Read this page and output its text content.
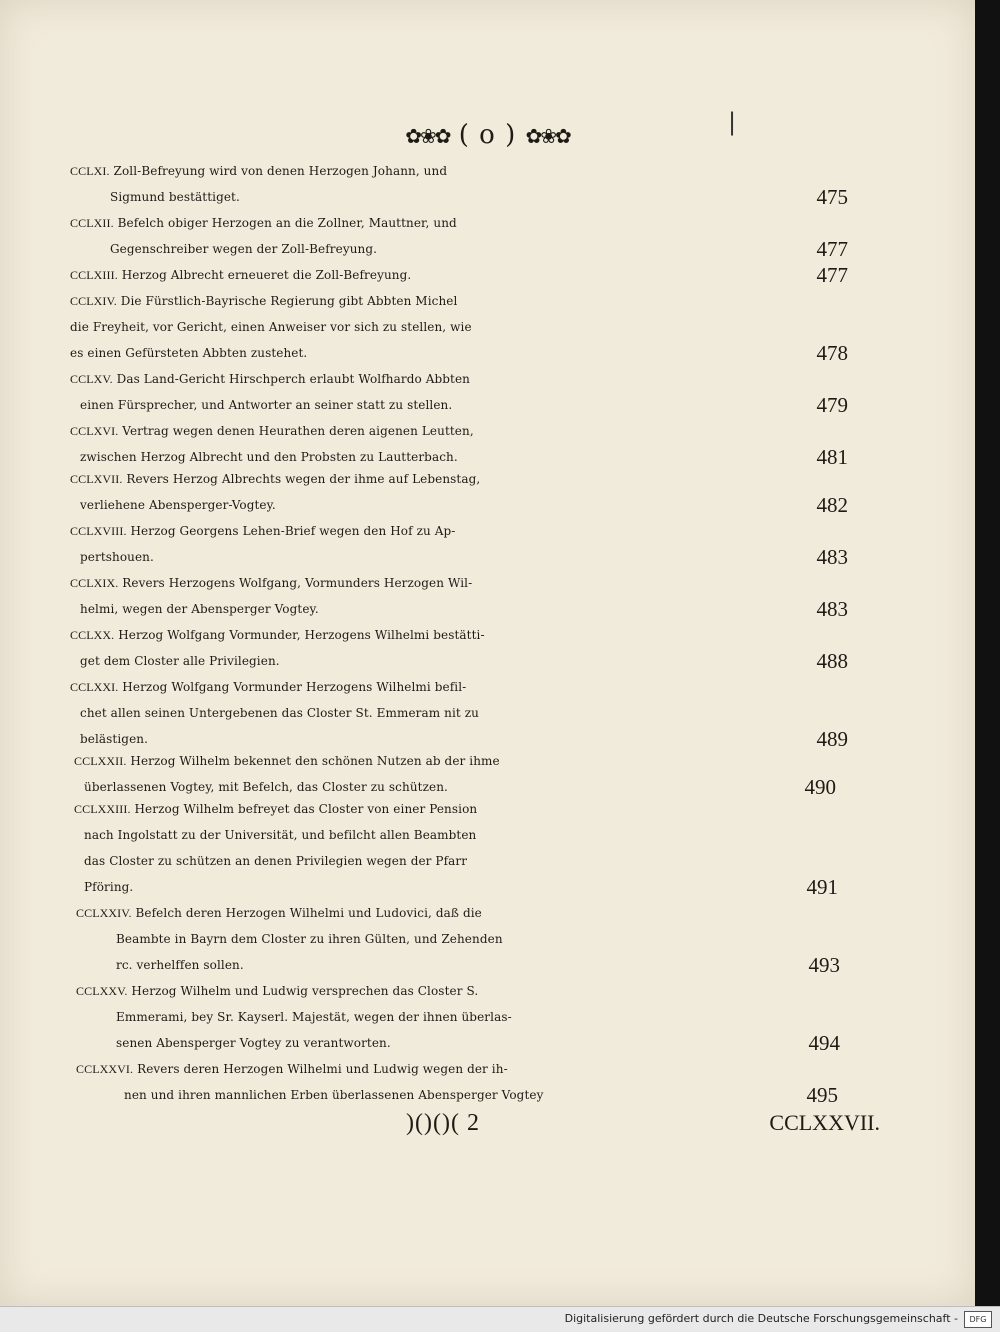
✿❀✿ ( o ) ✿❀✿	|
CCLXI. Zoll-Befreyung wird von denen Herzogen Johann, und
Sigmund bestättiget.	475
CCLXII. Befelch obiger Herzogen an die Zollner, Mauttner, und
Gegenschreiber wegen der Zoll-Befreyung.	477
CCLXIII. Herzog Albrecht erneueret die Zoll-Befreyung.	477
CCLXIV. Die Fürstlich-Bayrische Regierung gibt Abbten Michel
die Freyheit, vor Gericht, einen Anweiser vor sich zu stellen, wie
es einen Gefürsteten Abbten zustehet.	478
CCLXV. Das Land-Gericht Hirschperch erlaubt Wolfhardo Abbten
einen Fürsprecher, und Antworter an seiner statt zu stellen.	479
CCLXVI. Vertrag wegen denen Heurathen deren aigenen Leutten,
zwischen Herzog Albrecht und den Probsten zu Lautterbach.	481
CCLXVII. Revers Herzog Albrechts wegen der ihme auf Lebenstag,
verliehene Abensperger-Vogtey.	482
CCLXVIII. Herzog Georgens Lehen-Brief wegen den Hof zu Ap-
pertshouen.	483
CCLXIX. Revers Herzogens Wolfgang, Vormunders Herzogen Wil-
helmi, wegen der Abensperger Vogtey.	483
CCLXX. Herzog Wolfgang Vormunder, Herzogens Wilhelmi bestätti-
get dem Closter alle Privilegien.	488
CCLXXI. Herzog Wolfgang Vormunder Herzogens Wilhelmi befil-
chet allen seinen Untergebenen das Closter St. Emmeram nit zu
belästigen.	489
CCLXXII. Herzog Wilhelm bekennet den schönen Nutzen ab der ihme
überlassenen Vogtey, mit Befelch, das Closter zu schützen.	490
CCLXXIII. Herzog Wilhelm befreyet das Closter von einer Pension
nach Ingolstatt zu der Universität, und befilcht allen Beambten
das Closter zu schützen an denen Privilegien wegen der Pfarr
Pföring.	491
CCLXXIV. Befelch deren Herzogen Wilhelmi und Ludovici, daß die
Beambte in Bayrn dem Closter zu ihren Gülten, und Zehenden
rc. verhelffen sollen.	493
CCLXXV. Herzog Wilhelm und Ludwig versprechen das Closter S.
Emmerami, bey Sr. Kayserl. Majestät, wegen der ihnen überlas-
senen Abensperger Vogtey zu verantworten.	494
CCLXXVI. Revers deren Herzogen Wilhelmi und Ludwig wegen der ih-
nen und ihren mannlichen Erben überlassenen Abensperger Vogtey	495
)()()( 2	CCLXXVII.
Digitalisierung gefördert durch die Deutsche Forschungsgemeinschaft -	DFG
